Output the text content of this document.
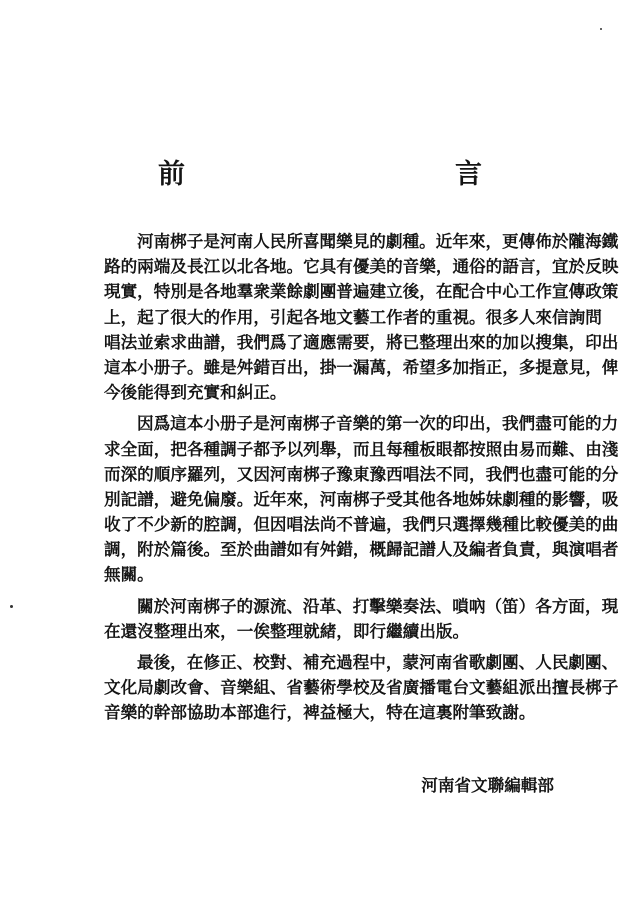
前　　言
河南梆子是河南人民所喜聞樂見的劇種。近年來，更傳佈於隴海鐵
路的兩端及長江以北各地。它具有優美的音樂，通俗的語言，宜於反映
現實，特別是各地羣衆業餘劇團普遍建立後，在配合中心工作宣傳政策
上，起了很大的作用，引起各地文藝工作者的重視。很多人來信詢問
唱法並索求曲譜，我們爲了適應需要，將已整理出來的加以搜集，印出
這本小册子。雖是舛錯百出，掛一漏萬，希望多加指正，多提意見，俾
今後能得到充實和糾正。
因爲這本小册子是河南梆子音樂的第一次的印出，我們盡可能的力
求全面，把各種調子都予以列舉，而且每種板眼都按照由易而難、由淺
而深的順序羅列，又因河南梆子豫東豫西唱法不同，我們也盡可能的分
別記譜，避免偏廢。近年來，河南梆子受其他各地姊妹劇種的影響，吸
收了不少新的腔調，但因唱法尚不普遍，我們只選擇幾種比較優美的曲
調，附於篇後。至於曲譜如有舛錯，概歸記譜人及編者負責，與演唱者
無關。
關於河南梆子的源流、沿革、打擊樂奏法、嗩吶（笛）各方面，現
在還沒整理出來，一俟整理就緒，即行繼續出版。
最後，在修正、校對、補充過程中，蒙河南省歌劇團、人民劇團、
文化局劇改會、音樂組、省藝術學校及省廣播電台文藝組派出擅長梆子
音樂的幹部協助本部進行，裨益極大，特在這裏附筆致謝。
河南省文聯編輯部
